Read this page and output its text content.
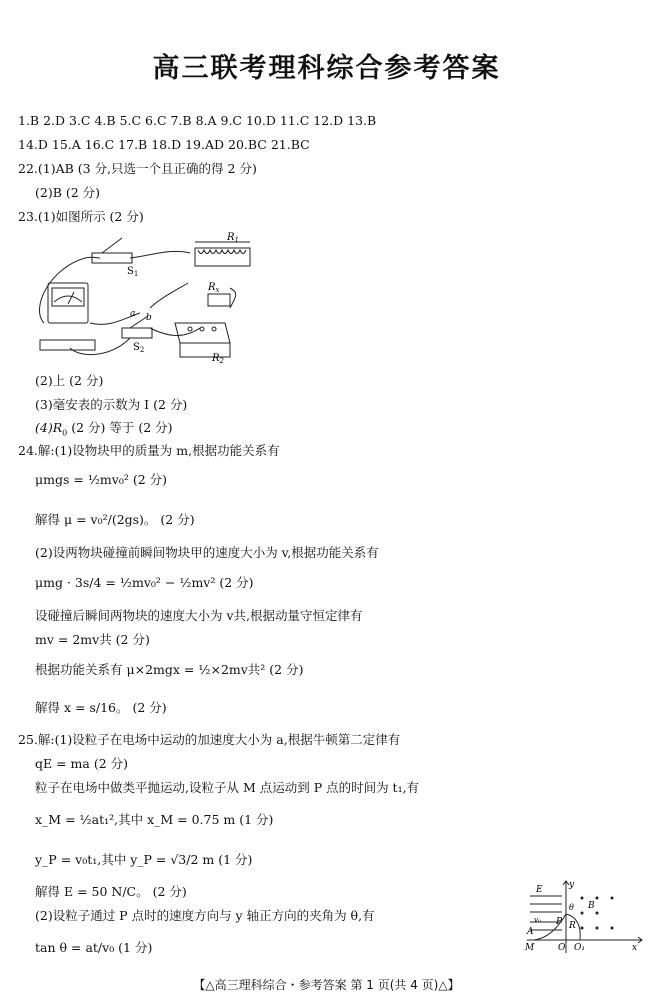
高三联考理科综合参考答案
1.B 2.D 3.C 4.B 5.C 6.C 7.B 8.A 9.C 10.D 11.C 12.D 13.B
14.D 15.A 16.C 17.B 18.D 19.AD 20.BC 21.BC
22.(1)AB (3 分,只选一个且正确的得 2 分)
(2)B (2 分)
23.(1)如图所示 (2 分)
$R_1$
$R_x$
$R_2$
$S_1$
$S_2$
a b
(2)上 (2 分)
(3)毫安表的示数为 I (2 分)
$(4)R_0$ (2 分) 等于 (2 分)
24.解:(1)设物块甲的质量为 m,根据功能关系有
μmgs = ½mv₀² (2 分)
解得 μ = v₀²/(2gs)。 (2 分)
(2)设两物块碰撞前瞬间物块甲的速度大小为 v,根据功能关系有
μmg · 3s/4 = ½mv₀² − ½mv² (2 分)
设碰撞后瞬间两物块的速度大小为 v共,根据动量守恒定律有
mv = 2mv共 (2 分)
根据功能关系有 μ×2mgx = ½×2mv共² (2 分)
解得 x = s/16。 (2 分)
25.解:(1)设粒子在电场中运动的加速度大小为 a,根据牛顿第二定律有
qE = ma (2 分)
粒子在电场中做类平抛运动,设粒子从 M 点运动到 P 点的时间为 t₁,有
x_M = ½at₁²,其中 x_M = 0.75 m (1 分)
y_P = v₀t₁,其中 y_P = √3/2 m (1 分)
解得 E = 50 N/C。 (2 分)
(2)设粒子通过 P 点时的速度方向与 y 轴正方向的夹角为 θ,有
tan θ = at/v₀ (1 分)
E
B
y
x
v₀ P
θ
R
M	O O₁
A
【△高三理科综合・参考答案 第 1 页(共 4 页)△】
